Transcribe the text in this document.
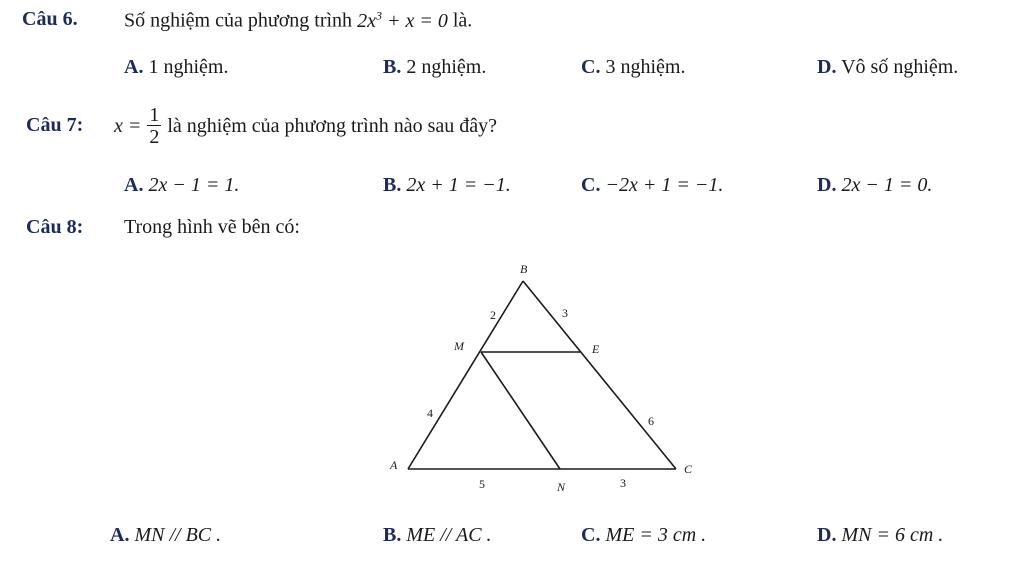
Câu 6. Số nghiệm của phương trình $2x^3 + x = 0$ là.
A. 1 nghiệm.	B. 2 nghiệm.	C. 3 nghiệm.	D. Vô số nghiệm.
Câu 7: $x = \frac{1}{2}$ là nghiệm của phương trình nào sau đây?
A. 2x − 1 = 1.	B. 2x + 1 = −1.	C. −2x + 1 = −1.	D. 2x − 1 = 0.
Câu 8: Trong hình vẽ bên có:
B
M	E
A
N
C
2	3
4
6
5	3
A. MN // BC .	B. ME // AC .	C. ME = 3 cm .	D. MN = 6 cm .
